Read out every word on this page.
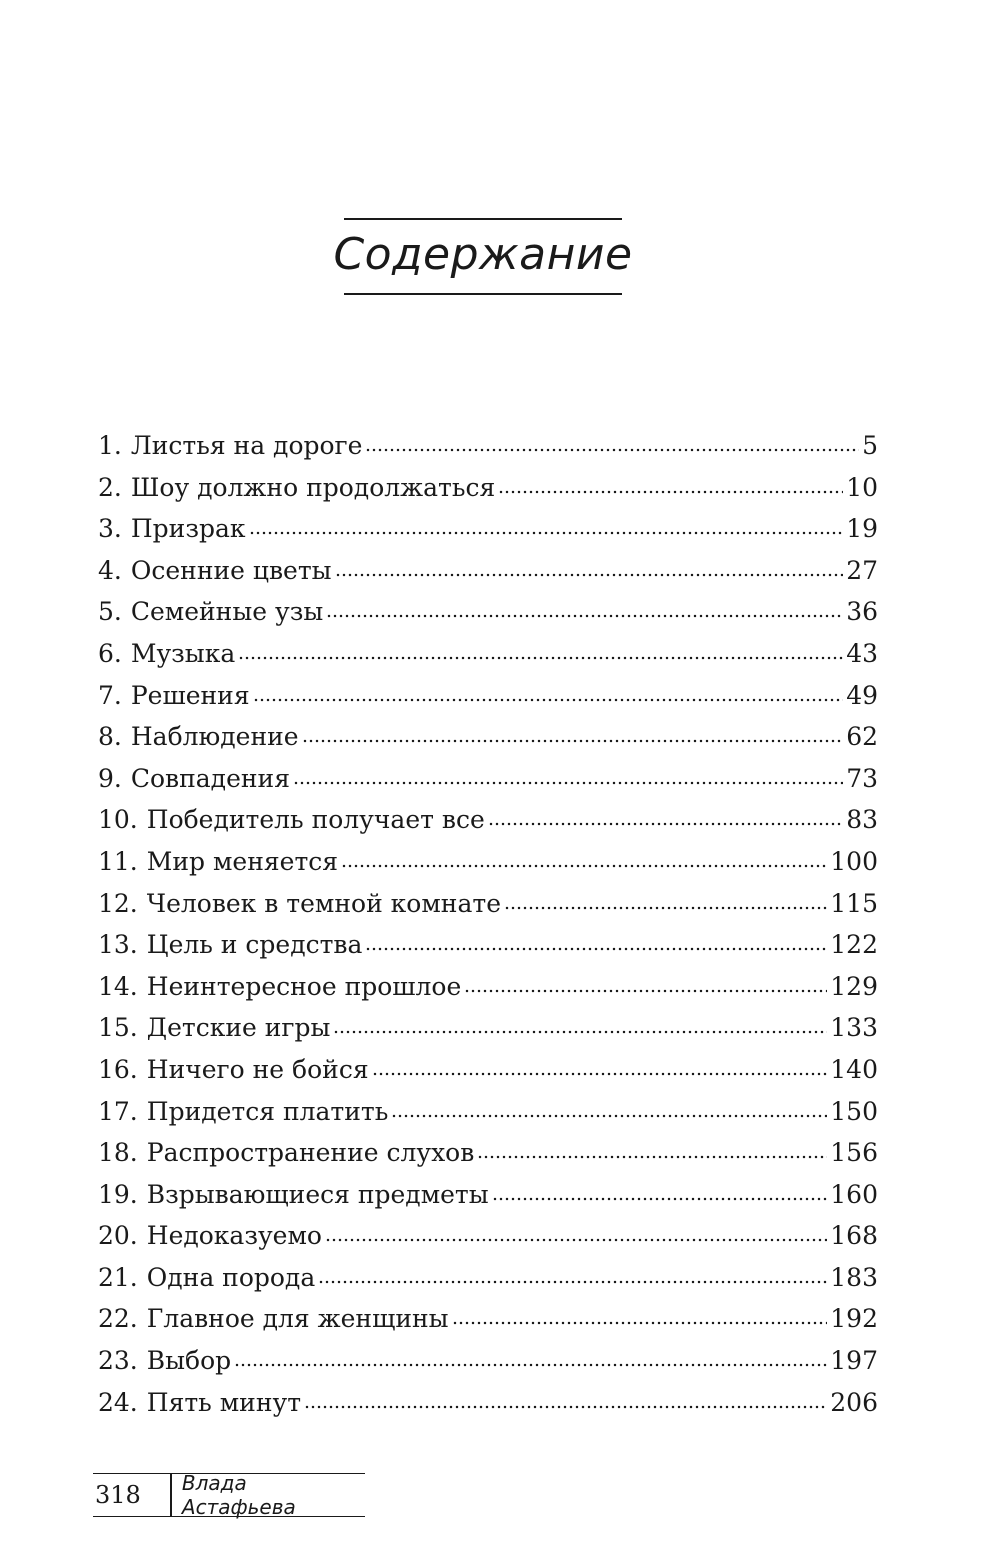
Содержание
1. Листья на дороге	5
2. Шоу должно продолжаться	10
3. Призрак	19
4. Осенние цветы	27
5. Семейные узы	36
6. Музыка	43
7. Решения	49
8. Наблюдение	62
9. Совпадения	73
10. Победитель получает все	83
11. Мир меняется	100
12. Человек в темной комнате	115
13. Цель и средства	122
14. Неинтересное прошлое	129
15. Детские игры	133
16. Ничего не бойся	140
17. Придется платить	150
18. Распространение слухов	156
19. Взрывающиеся предметы	160
20. Недоказуемо	168
21. Одна порода	183
22. Главное для женщины	192
23. Выбор	197
24. Пять минут	206
318	Влада Астафьева
